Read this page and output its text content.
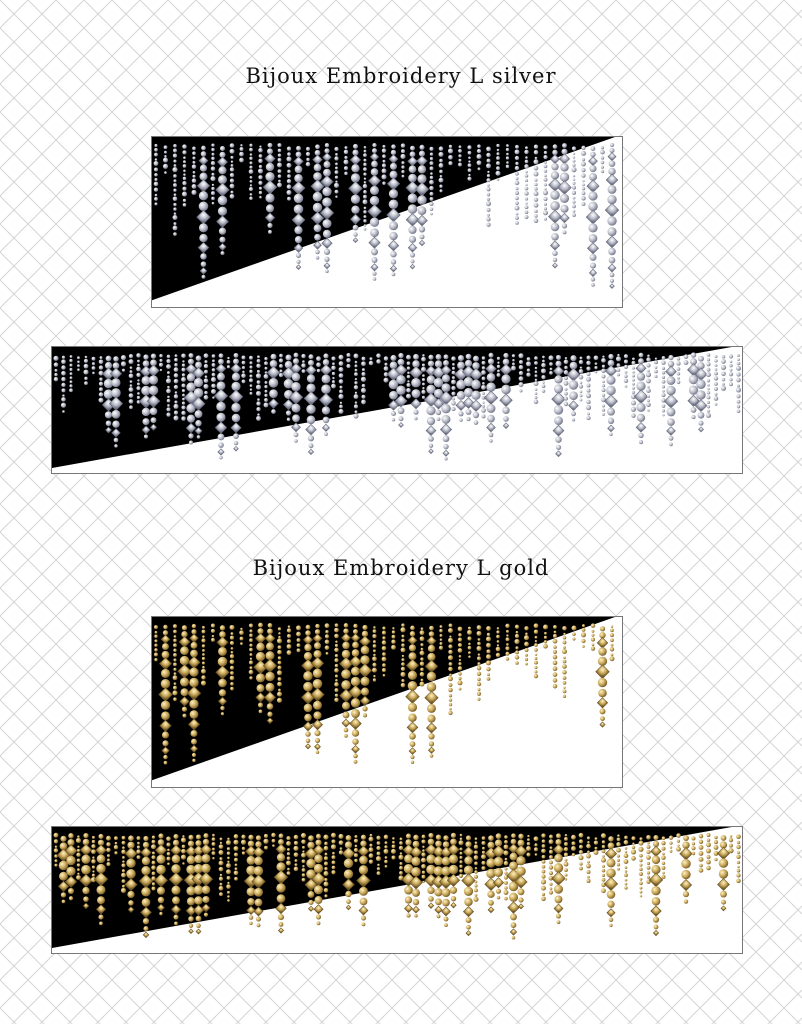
Bijoux Embroidery L silver
Bijoux Embroidery L gold
